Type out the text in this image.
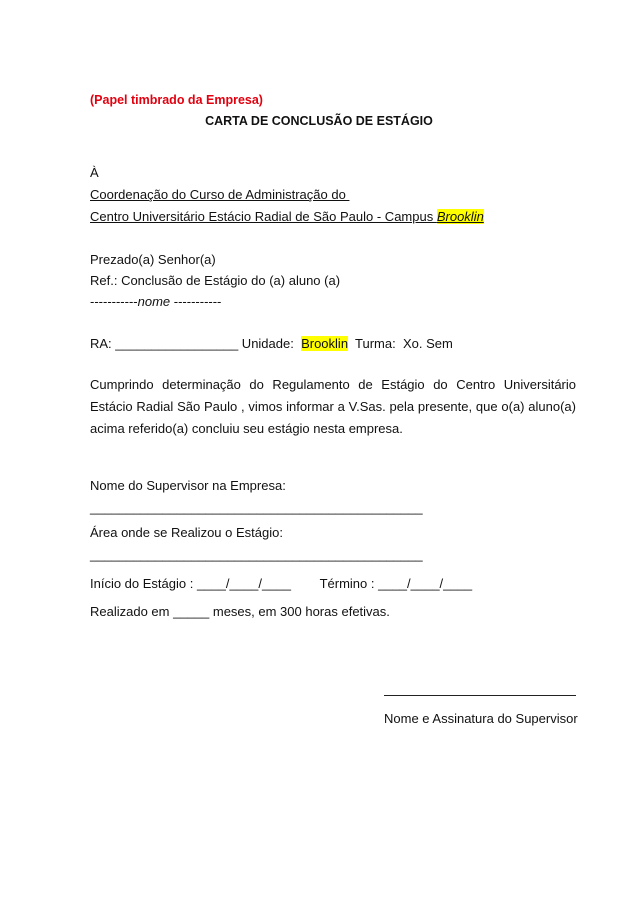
(Papel timbrado da Empresa)
CARTA DE CONCLUSÃO DE ESTÁGIO
À
Coordenação do Curso de Administração do
Centro Universitário Estácio Radial de São Paulo - Campus Brooklin
Prezado(a) Senhor(a)
Ref.: Conclusão de Estágio do (a) aluno (a)
-----------nome -----------
RA: _________________ Unidade:  Brooklin  Turma:  Xo. Sem
Cumprindo determinação do Regulamento de Estágio do Centro Universitário
Estácio Radial São Paulo , vimos informar a V.Sas. pela presente, que o(a) aluno(a)
acima referido(a) concluiu seu estágio nesta empresa.
Nome do Supervisor na Empresa:
______________________________________________
Área onde se Realizou o Estágio:
______________________________________________
Início do Estágio : ____/____/____        Término : ____/____/____
Realizado em _____ meses, em 300 horas efetivas.
Nome e Assinatura do Supervisor
